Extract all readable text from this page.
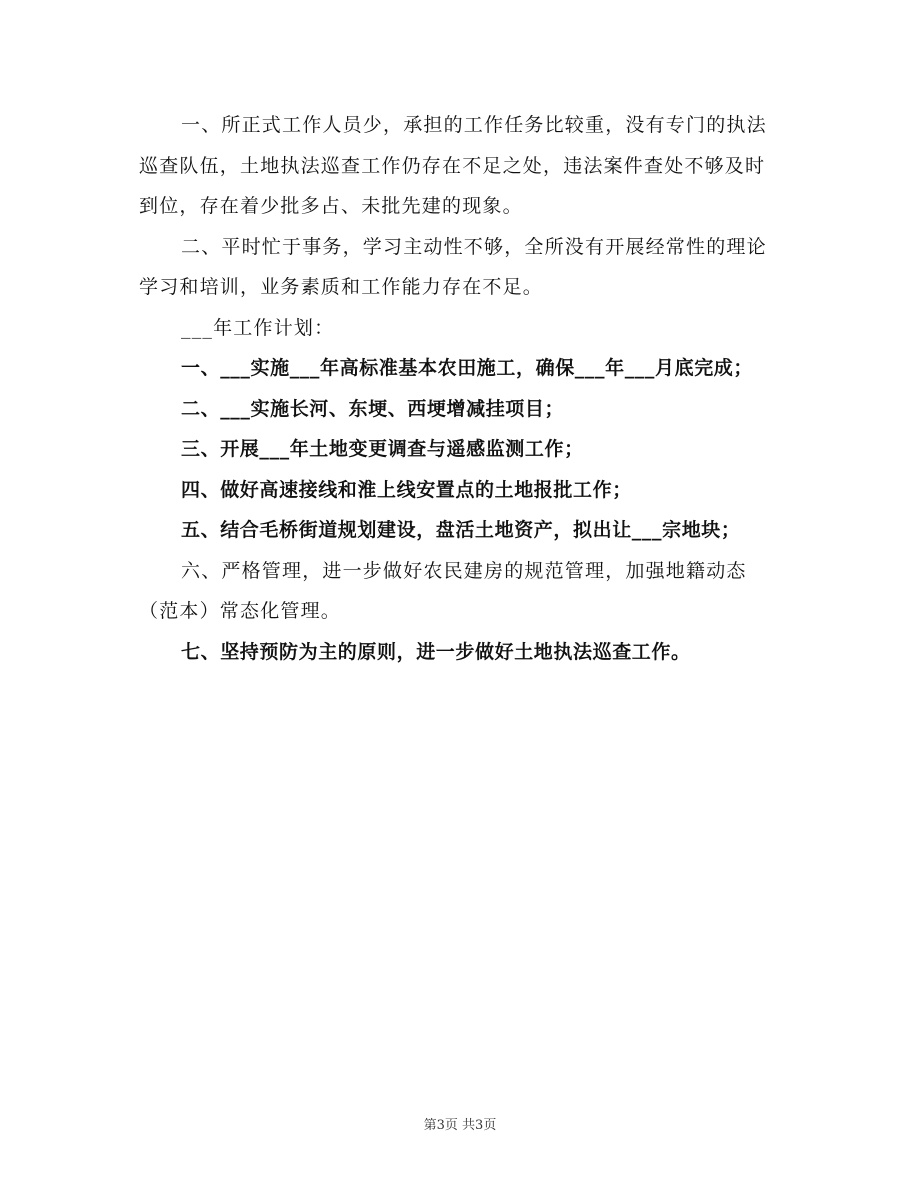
一、所正式工作人员少，承担的工作任务比较重，没有专门的执法巡查队伍，土地执法巡查工作仍存在不足之处，违法案件查处不够及时到位，存在着少批多占、未批先建的现象。

二、平时忙于事务，学习主动性不够，全所没有开展经常性的理论学习和培训，业务素质和工作能力存在不足。

___年工作计划：

一、___实施___年高标准基本农田施工，确保___年___月底完成；

二、___实施长河、东埂、西埂增减挂项目；

三、开展___年土地变更调查与遥感监测工作；

四、做好高速接线和淮上线安置点的土地报批工作；

五、结合毛桥街道规划建设，盘活土地资产，拟出让___宗地块；

六、严格管理，进一步做好农民建房的规范管理，加强地籍动态（范本）常态化管理。

七、坚持预防为主的原则，进一步做好土地执法巡查工作。

第3页 共3页
